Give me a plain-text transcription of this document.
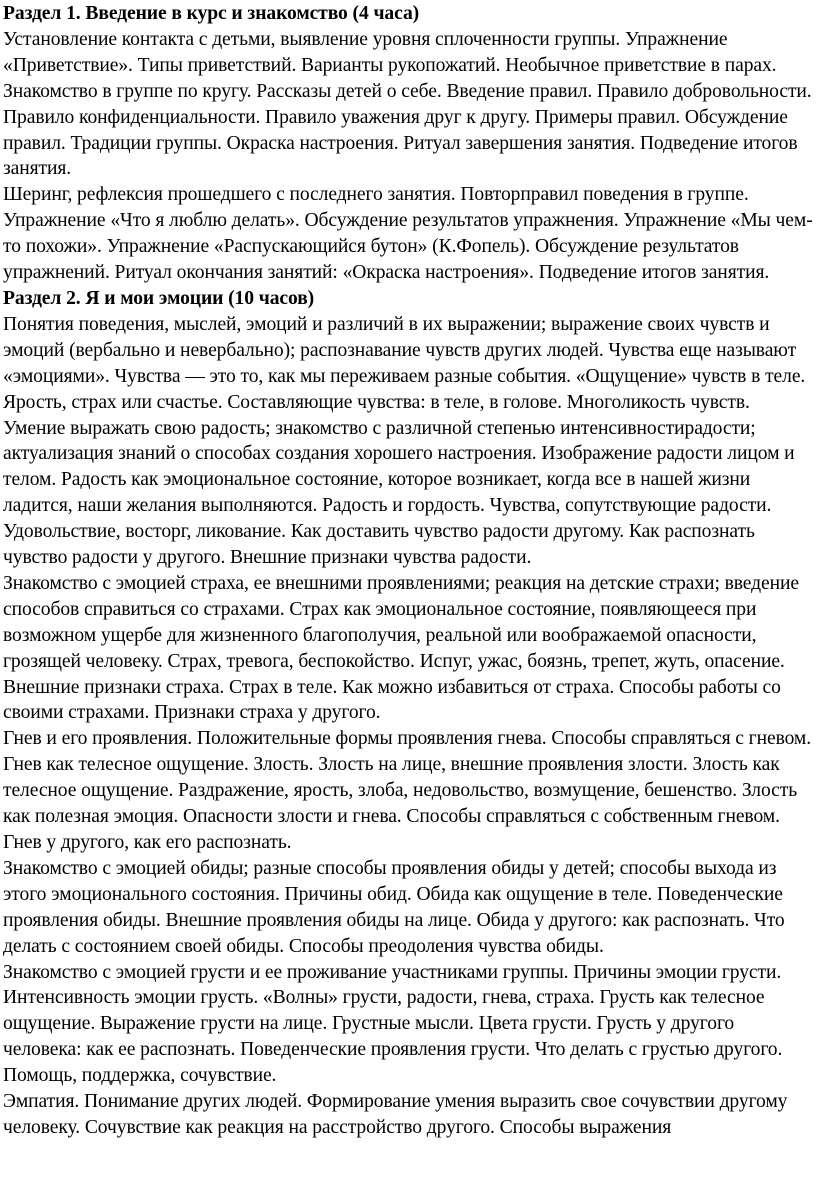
Раздел 1. Введение в курс и знакомство (4 часа)

Установление контакта с детьми, выявление уровня сплоченности группы. Упражнение «Приветствие». Типы приветствий. Варианты рукопожатий. Необычное приветствие в парах. Знакомство в группе по кругу. Рассказы детей о себе. Введение правил. Правило добровольности. Правило конфиденциальности. Правило уважения друг к другу. Примеры правил. Обсуждение правил. Традиции группы. Окраска настроения. Ритуал завершения занятия. Подведение итогов занятия.

Шеринг, рефлексия прошедшего с последнего занятия. Повторправил поведения в группе. Упражнение «Что я люблю делать». Обсуждение результатов упражнения. Упражнение «Мы чем-то похожи». Упражнение «Распускающийся бутон» (К.Фопель). Обсуждение результатов упражнений. Ритуал окончания занятий: «Окраска настроения». Подведение итогов занятия.

Раздел 2. Я и мои эмоции (10 часов)

Понятия поведения, мыслей, эмоций и различий в их выражении; выражение своих чувств и эмоций (вербально и невербально); распознавание чувств других людей. Чувства еще называют «эмоциями». Чувства — это то, как мы переживаем разные события. «Ощущение» чувств в теле. Ярость, страх или счастье. Составляющие чувства: в теле, в голове. Многоликость чувств.

Умение выражать свою радость; знакомство с различной степенью интенсивностирадости; актуализация знаний о способах создания хорошего настроения. Изображение радости лицом и телом. Радость как эмоциональное состояние, которое возникает, когда все в нашей жизни ладится, наши желания выполняются. Радость и гордость. Чувства, сопутствующие радости. Удовольствие, восторг, ликование. Как доставить чувство радости другому. Как распознать чувство радости у другого. Внешние признаки чувства радости.

Знакомство с эмоцией страха, ее внешними проявлениями; реакция на детские страхи; введение способов справиться со страхами. Страх как эмоциональное состояние, появляющееся при возможном ущербе для жизненного благополучия, реальной или воображаемой опасности, грозящей человеку. Страх, тревога, беспокойство. Испуг, ужас, боязнь, трепет, жуть, опасение. Внешние признаки страха. Страх в теле. Как можно избавиться от страха. Способы работы со своими страхами. Признаки страха у другого.

Гнев и его проявления. Положительные формы проявления гнева. Способы справляться с гневом. Гнев как телесное ощущение. Злость. Злость на лице, внешние проявления злости. Злость как телесное ощущение. Раздражение, ярость, злоба, недовольство, возмущение, бешенство. Злость как полезная эмоция. Опасности злости и гнева. Способы справляться с собственным гневом. Гнев у другого, как его распознать.

Знакомство с эмоцией обиды; разные способы проявления обиды у детей; способы выхода из этого эмоционального состояния. Причины обид. Обида как ощущение в теле. Поведенческие проявления обиды. Внешние проявления обиды на лице. Обида у другого: как распознать. Что делать с состоянием своей обиды. Способы преодоления чувства обиды.

Знакомство с эмоцией грусти и ее проживание участниками группы. Причины эмоции грусти. Интенсивность эмоции грусть. «Волны» грусти, радости, гнева, страха. Грусть как телесное ощущение. Выражение грусти на лице. Грустные мысли. Цвета грусти. Грусть у другого человека: как ее распознать. Поведенческие проявления грусти. Что делать с грустью другого. Помощь, поддержка, сочувствие.

Эмпатия. Понимание других людей. Формирование умения выразить свое сочувствии другому человеку. Сочувствие как реакция на расстройство другого. Способы выражения
